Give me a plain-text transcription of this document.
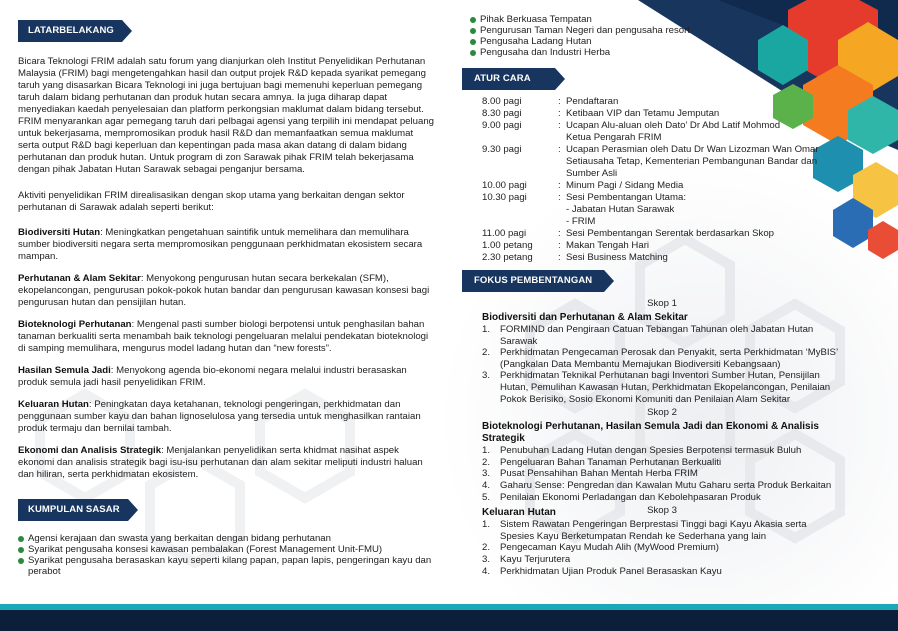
LATARBELAKANG

Bicara Teknologi FRIM adalah satu forum yang dianjurkan oleh Institut Penyelidikan Perhutanan Malaysia (FRIM) bagi mengetengahkan hasil dan output projek R&D kepada syarikat pemegang taruh yang disasarkan Bicara Teknologi ini juga bertujuan bagi memenuhi keperluan pemegang taruh dalam bidang perhutanan dan produk hutan secara amnya. Ia juga diharap dapat menyediakan kaedah penyelesaian dan platform perkongsian maklumat dalam bidang tersebut. FRIM menyarankan agar pemegang taruh dari pelbagai agensi yang terpilih ini mendapat peluang untuk bekerjasama, mempromosikan produk hasil R&D dan memanfaatkan semua maklumat serta output R&D bagi keperluan dan kepentingan pada masa akan datang di dalam bidang perhutanan dan produk hutan. Untuk program di zon Sarawak pihak FRIM telah bekerjasama dengan pihak Jabatan Hutan Sarawak sebagai penganjur bersama.

Aktiviti penyelidikan FRIM direalisasikan dengan skop utama yang berkaitan dengan sektor perhutanan di Sarawak adalah seperti berikut:

Biodiversiti Hutan: Meningkatkan pengetahuan saintifik untuk memelihara dan memulihara sumber biodiversiti negara serta mempromosikan penggunaan perkhidmatan ekosistem secara mampan.

Perhutanan & Alam Sekitar: Menyokong pengurusan hutan secara berkekalan (SFM), ekopelancongan, pengurusan pokok-pokok hutan bandar dan pengurusan kawasan konsesi bagi pengurusan hutan dan pensijilan hutan.

Bioteknologi Perhutanan: Mengenal pasti sumber biologi berpotensi untuk penghasilan bahan tanaman berkualiti serta menambah baik teknologi pengeluaran melalui pendekatan bioteknologi di samping memulihara, mengurus model ladang hutan dan “new forests”.

Hasilan Semula Jadi: Menyokong agenda bio-ekonomi negara melalui industri berasaskan produk semula jadi hasil penyelidikan FRIM.

Keluaran Hutan: Peningkatan daya ketahanan, teknologi pengeringan, perkhidmatan dan penggunaan sumber kayu dan bahan lignoselulosa yang tersedia untuk menghasilkan rantaian produk termaju dan bernilai tambah.

Ekonomi dan Analisis Strategik: Menjalankan penyelidikan serta khidmat nasihat aspek ekonomi dan analisis strategik bagi isu-isu perhutanan dan alam sekitar meliputi industri haluan dan hiliran, serta perkhidmatan ekosistem.

KUMPULAN SASAR
Agensi kerajaan dan swasta yang berkaitan dengan bidang perhutanan
Syarikat pengusaha konsesi kawasan pembalakan (Forest Management Unit-FMU)
Syarikat pengusaha berasaskan kayu seperti kilang papan, papan lapis, pengeringan kayu dan perabot
Pihak Berkuasa Tempatan
Pengurusan Taman Negeri dan pengusaha resort
Pengusaha Ladang Hutan
Pengusaha dan Industri Herba
ATUR CARA
8.00 pagi	: Pendaftaran
8.30 pagi	: Ketibaan VIP dan Tetamu Jemputan
9.00 pagi	: Ucapan Alu-aluan oleh Dato’ Dr Abd Latif Mohmod
Ketua Pengarah FRIM
9.30 pagi	: Ucapan Perasmian oleh Datu Dr Wan Lizozman Wan Omar
Setiausaha Tetap, Kementerian Pembangunan Bandar dan Sumber Asli
10.00 pagi	: Minum Pagi / Sidang Media
10.30 pagi	: Sesi Pembentangan Utama:
- Jabatan Hutan Sarawak
- FRIM
11.00 pagi	: Sesi Pembentangan Serentak berdasarkan Skop
1.00 petang	: Makan Tengah Hari
2.30 petang	: Sesi Business Matching
FOKUS PEMBENTANGAN
Skop 1
Biodiversiti dan Perhutanan & Alam Sekitar
1.	FORMIND dan Pengiraan Catuan Tebangan Tahunan oleh Jabatan Hutan Sarawak
2.	Perkhidmatan Pengecaman Perosak dan Penyakit, serta Perkhidmatan ‘MyBIS’ (Pangkalan Data Membantu Memajukan Biodiversiti Kebangsaan)
3.	Perkhidmatan Teknikal Perhutanan bagi Inventori Sumber Hutan, Pensijilan Hutan, Pemulihan Kawasan Hutan, Perkhidmatan Ekopelancongan, Penilaian Pokok Berisiko, Sosio Ekonomi Komuniti dan Penilaian Alam Sekitar
Skop 2
Bioteknologi Perhutanan, Hasilan Semula Jadi dan Ekonomi & Analisis Strategik
1.	Penubuhan Ladang Hutan dengan Spesies Berpotensi termasuk Buluh
2.	Pengeluaran Bahan Tanaman Perhutanan Berkualiti
3.	Pusat Pensahihan Bahan Mentah Herba FRIM
4.	Gaharu Sense: Pengredan dan Kawalan Mutu Gaharu serta Produk Berkaitan
5.	Penilaian Ekonomi Perladangan dan Kebolehpasaran Produk
Skop 3
Keluaran Hutan
1.	Sistem Rawatan Pengeringan Berprestasi Tinggi bagi Kayu Akasia serta Spesies Kayu Berketumpatan Rendah ke Sederhana yang lain
2.	Pengecaman Kayu Mudah Alih (MyWood Premium)
3.	Kayu Terjurutera
4.	Perkhidmatan Ujian Produk Panel Berasaskan Kayu
